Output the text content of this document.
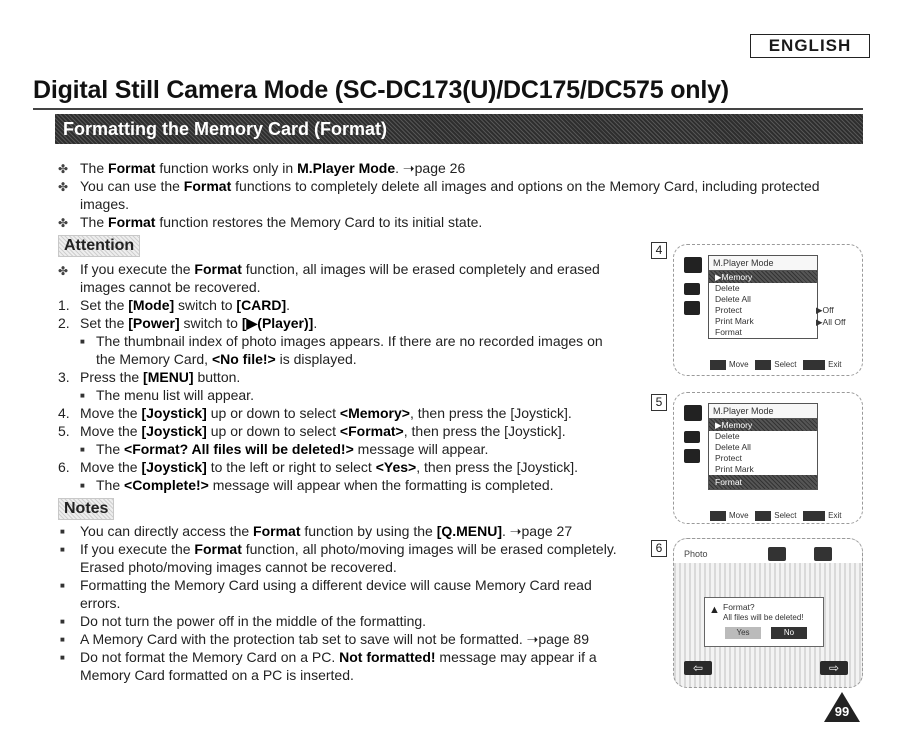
ENGLISH
Digital Still Camera Mode (SC-DC173(U)/DC175/DC575 only)
Formatting the Memory Card (Format)
✤ The Format function works only in M.Player Mode. ➝page 26
✤ You can use the Format functions to completely delete all images and options on the Memory Card, including protected
images.
✤ The Format function restores the Memory Card to its initial state.
Attention
✤ If you execute the Format function, all images will be erased completely and erased
images cannot be recovered.
1. Set the [Mode] switch to [CARD].
2. Set the [Power] switch to [▶(Player)].
■ The thumbnail index of photo images appears. If there are no recorded images on
the Memory Card, <No file!> is displayed.
3. Press the [MENU] button.
■ The menu list will appear.
4. Move the [Joystick] up or down to select <Memory>, then press the [Joystick].
5. Move the [Joystick] up or down to select <Format>, then press the [Joystick].
■ The <Format? All files will be deleted!> message will appear.
6. Move the [Joystick] to the left or right to select <Yes>, then press the [Joystick].
■ The <Complete!> message will appear when the formatting is completed.
Notes
■ You can directly access the Format function by using the [Q.MENU]. ➝page 27
■ If you execute the Format function, all photo/moving images will be erased completely.
Erased photo/moving images cannot be recovered.
■ Formatting the Memory Card using a different device will cause Memory Card read
errors.
■ Do not turn the power off in the middle of the formatting.
■ A Memory Card with the protection tab set to save will not be formatted. ➝page 89
■ Do not format the Memory Card on a PC. Not formatted! message may appear if a
Memory Card formatted on a PC is inserted.
4
M.Player Mode
▶Memory
Delete
Delete All
Protect
Print Mark
Format
▶Off
▶All Off
Move	Select	Exit
5
M.Player Mode
▶Memory
Delete
Delete All
Protect
Print Mark
Format
Move	Select	Exit
6	Photo
▲ Format?
All files will be deleted!
Yes	No
⇦	⇨
99
